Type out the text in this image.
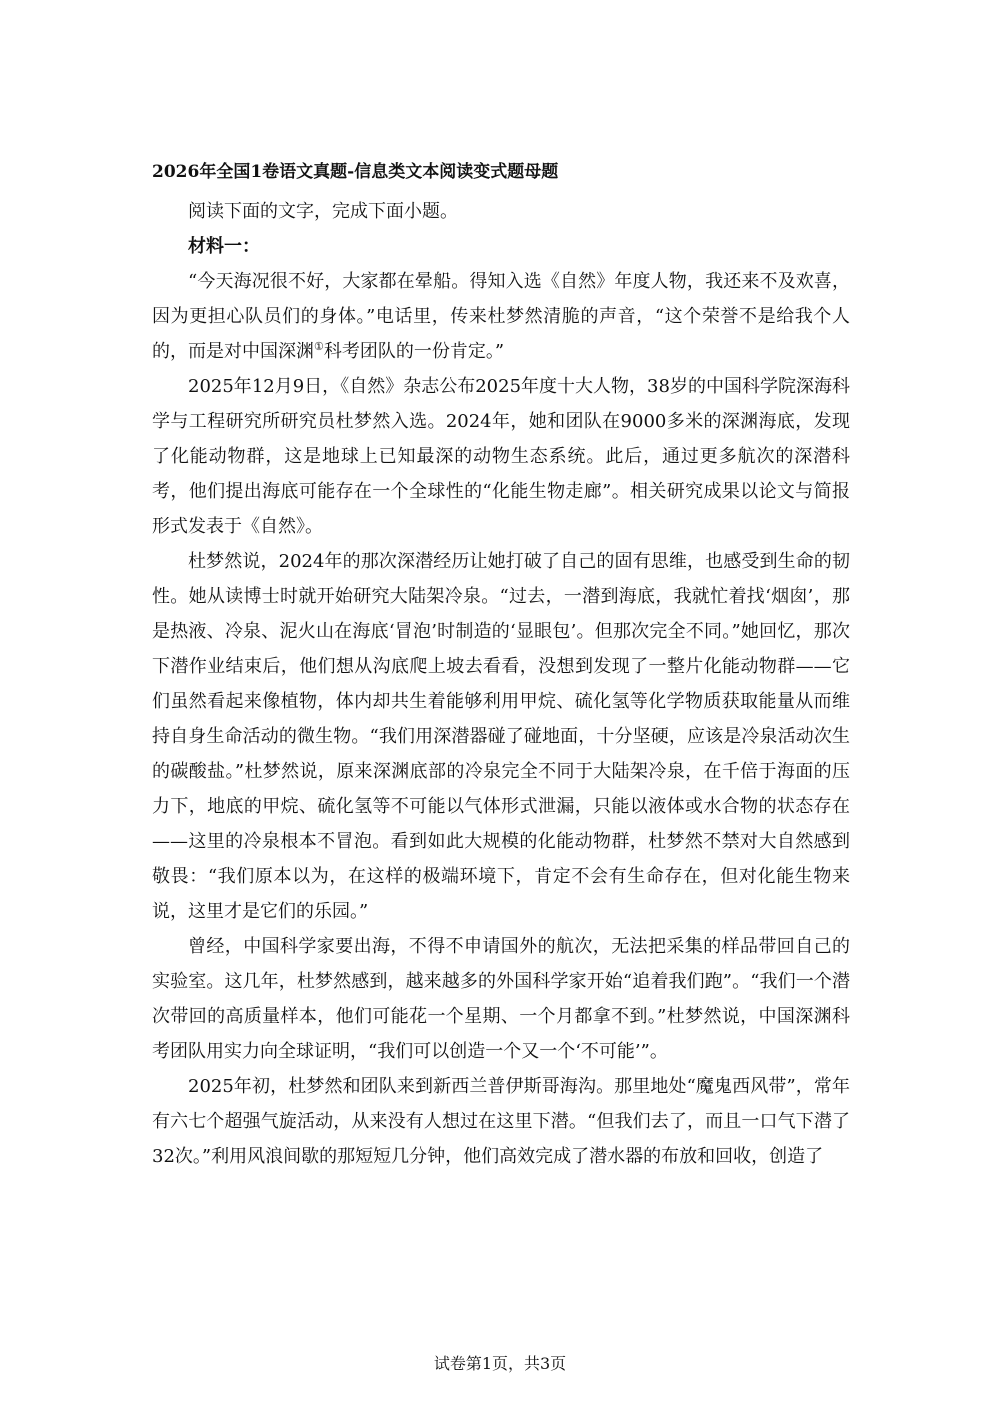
2026年全国1卷语文真题-信息类文本阅读变式题母题

阅读下面的文字，完成下面小题。

材料一：

“今天海况很不好，大家都在晕船。得知入选《自然》年度人物，我还来不及欢喜，因为更担心队员们的身体。”电话里，传来杜梦然清脆的声音，“这个荣誉不是给我个人的，而是对中国深渊①科考团队的一份肯定。”

2025年12月9日，《自然》杂志公布2025年度十大人物，38岁的中国科学院深海科学与工程研究所研究员杜梦然入选。2024年，她和团队在9000多米的深渊海底，发现了化能动物群，这是地球上已知最深的动物生态系统。此后，通过更多航次的深潜科考，他们提出海底可能存在一个全球性的“化能生物走廊”。相关研究成果以论文与简报形式发表于《自然》。

杜梦然说，2024年的那次深潜经历让她打破了自己的固有思维，也感受到生命的韧性。她从读博士时就开始研究大陆架冷泉。“过去，一潜到海底，我就忙着找‘烟囱’，那是热液、冷泉、泥火山在海底‘冒泡’时制造的‘显眼包’。但那次完全不同。”她回忆，那次下潜作业结束后，他们想从沟底爬上坡去看看，没想到发现了一整片化能动物群——它们虽然看起来像植物，体内却共生着能够利用甲烷、硫化氢等化学物质获取能量从而维持自身生命活动的微生物。“我们用深潜器碰了碰地面，十分坚硬，应该是冷泉活动次生的碳酸盐。”杜梦然说，原来深渊底部的冷泉完全不同于大陆架冷泉，在千倍于海面的压力下，地底的甲烷、硫化氢等不可能以气体形式泄漏，只能以液体或水合物的状态存在——这里的冷泉根本不冒泡。看到如此大规模的化能动物群，杜梦然不禁对大自然感到敬畏：“我们原本以为，在这样的极端环境下，肯定不会有生命存在，但对化能生物来说，这里才是它们的乐园。”

曾经，中国科学家要出海，不得不申请国外的航次，无法把采集的样品带回自己的实验室。这几年，杜梦然感到，越来越多的外国科学家开始“追着我们跑”。“我们一个潜次带回的高质量样本，他们可能花一个星期、一个月都拿不到。”杜梦然说，中国深渊科考团队用实力向全球证明，“我们可以创造一个又一个‘不可能’”。

2025年初，杜梦然和团队来到新西兰普伊斯哥海沟。那里地处“魔鬼西风带”，常年有六七个超强气旋活动，从来没有人想过在这里下潜。“但我们去了，而且一口气下潜了32次。”利用风浪间歇的那短短几分钟，他们高效完成了潜水器的布放和回收，创造了

试卷第1页，共3页
